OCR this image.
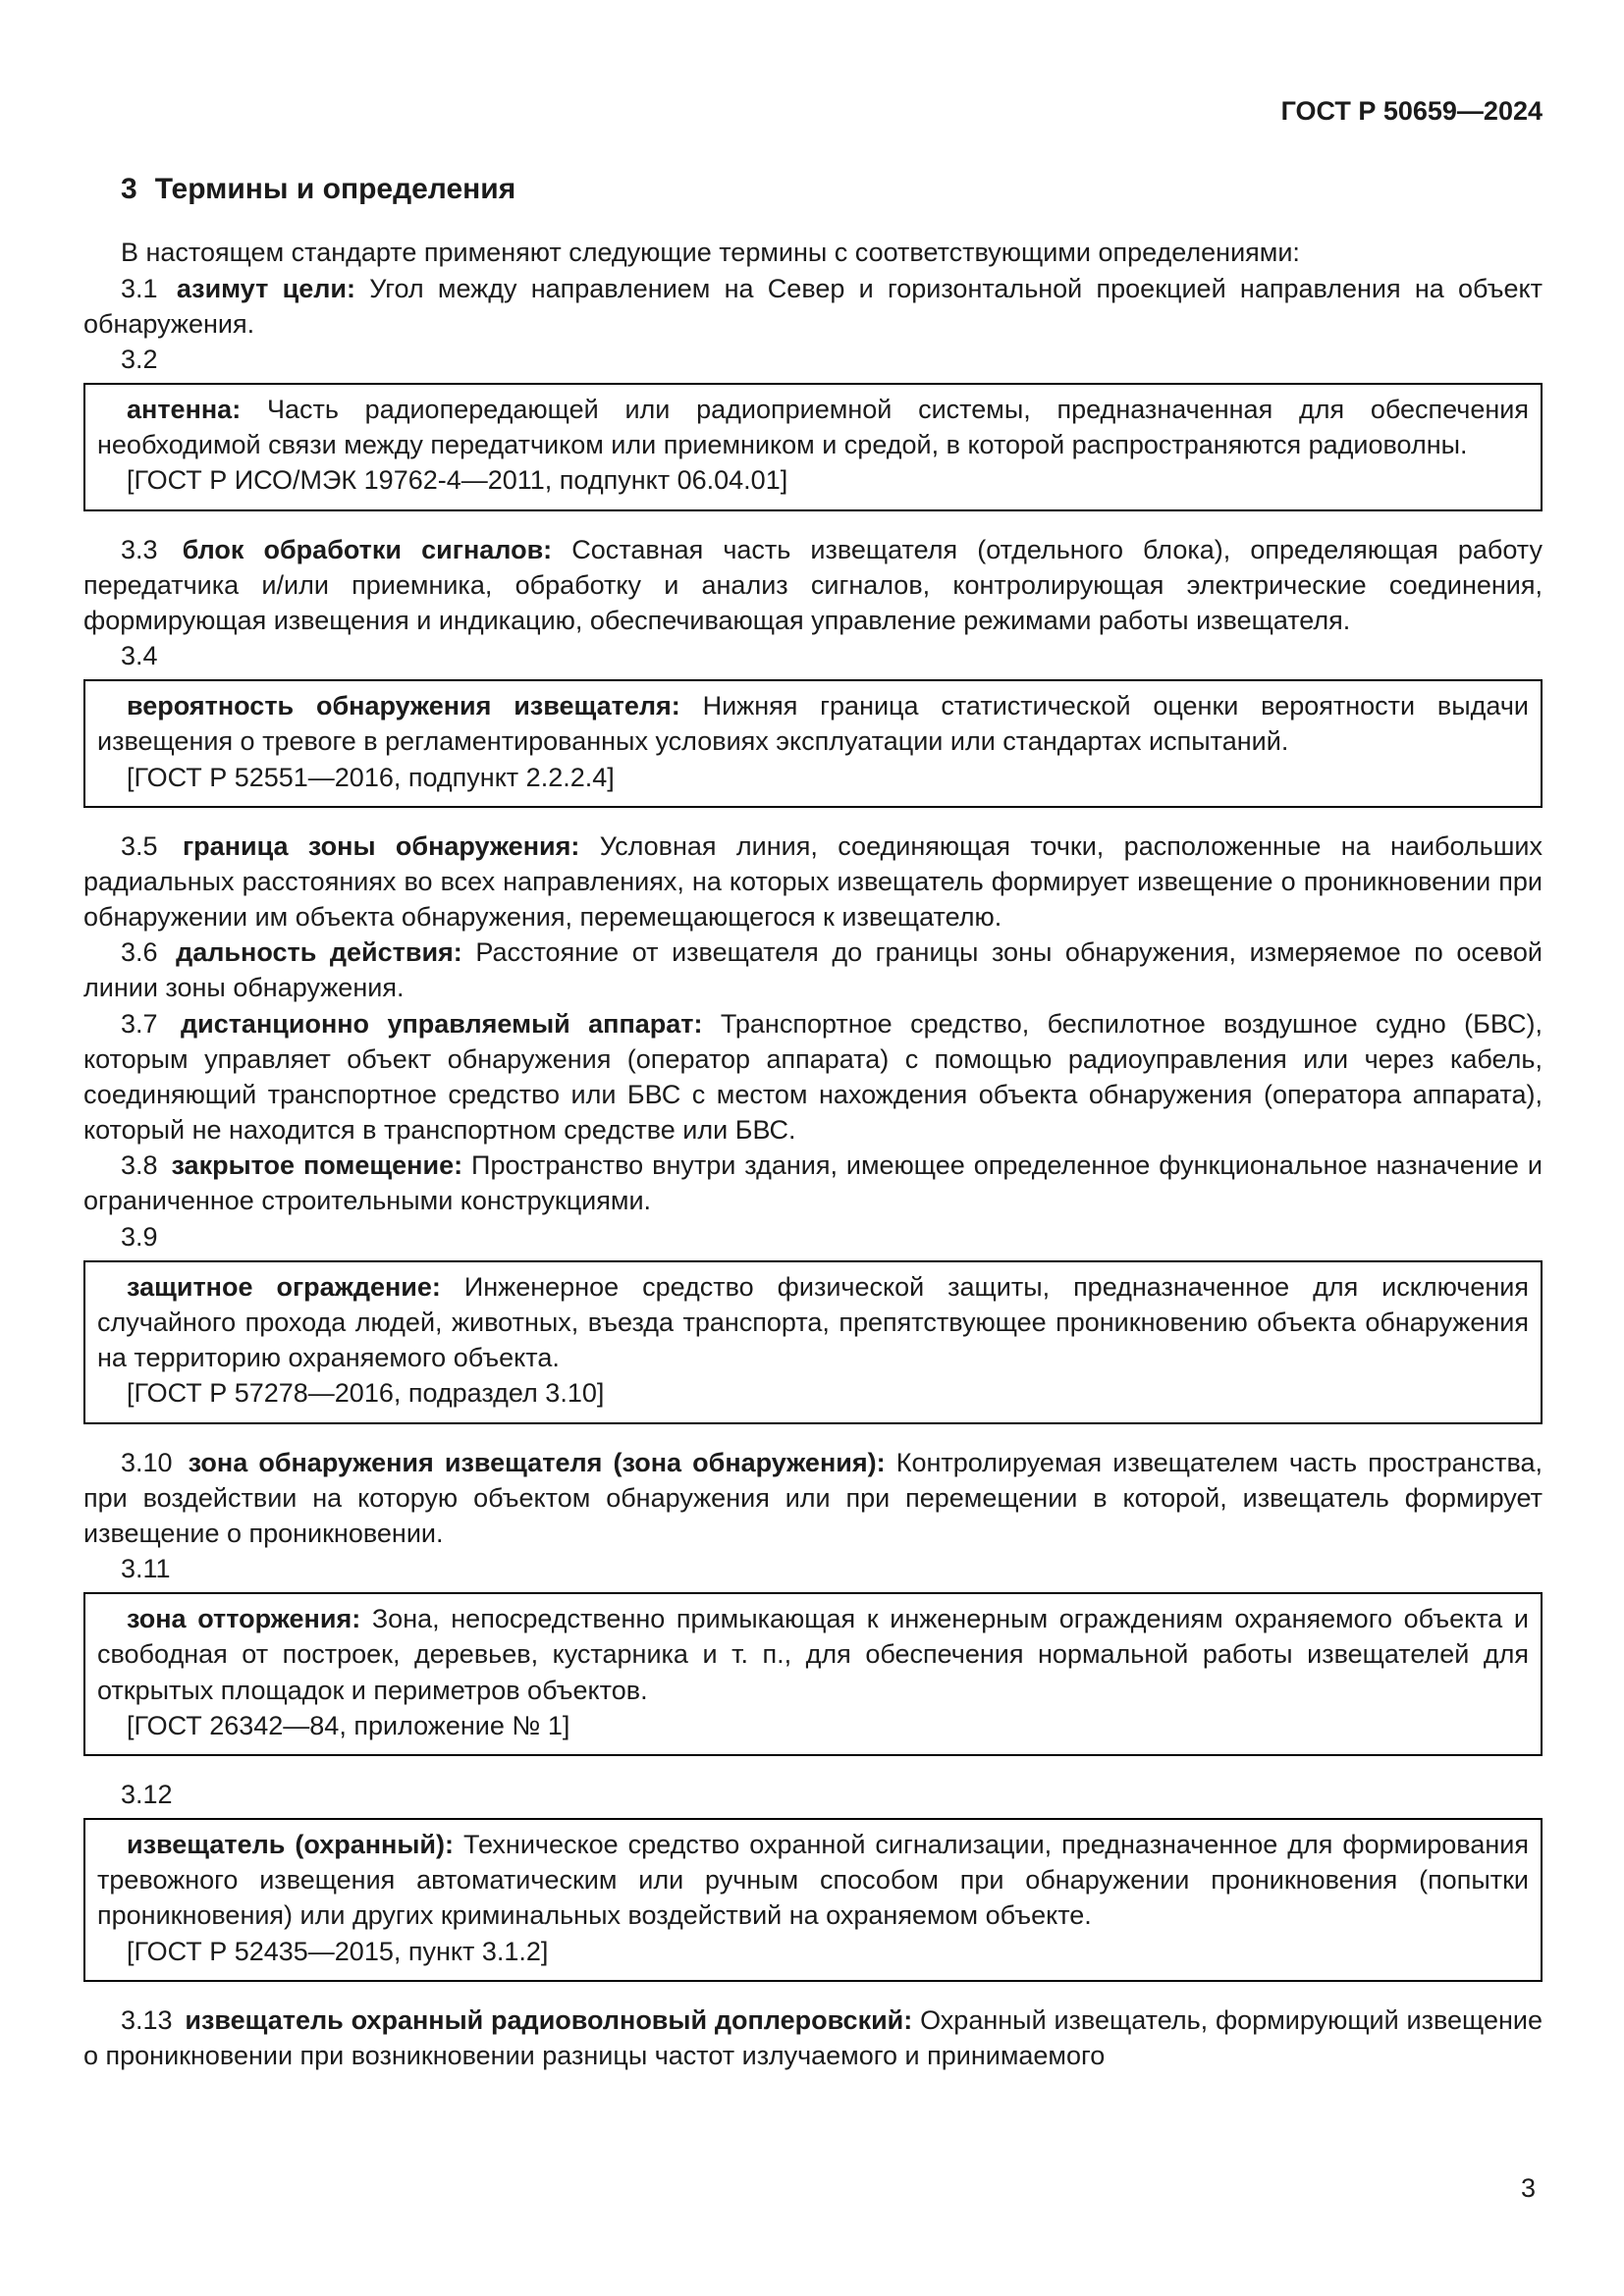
ГОСТ Р 50659—2024
3 Термины и определения

В настоящем стандарте применяют следующие термины с соответствующими определениями:

3.1 азимут цели: Угол между направлением на Север и горизонтальной проекцией направления на объект обнаружения.

3.2

антенна: Часть радиопередающей или радиоприемной системы, предназначенная для обеспечения необходимой связи между передатчиком или приемником и средой, в которой распространяются радиоволны.

[ГОСТ Р ИСО/МЭК 19762-4—2011, подпункт 06.04.01]

3.3 блок обработки сигналов: Составная часть извещателя (отдельного блока), определяющая работу передатчика и/или приемника, обработку и анализ сигналов, контролирующая электрические соединения, формирующая извещения и индикацию, обеспечивающая управление режимами работы извещателя.

3.4

вероятность обнаружения извещателя: Нижняя граница статистической оценки вероятности выдачи извещения о тревоге в регламентированных условиях эксплуатации или стандартах испытаний.

[ГОСТ Р 52551—2016, подпункт 2.2.2.4]

3.5 граница зоны обнаружения: Условная линия, соединяющая точки, расположенные на наибольших радиальных расстояниях во всех направлениях, на которых извещатель формирует извещение о проникновении при обнаружении им объекта обнаружения, перемещающегося к извещателю.

3.6 дальность действия: Расстояние от извещателя до границы зоны обнаружения, измеряемое по осевой линии зоны обнаружения.

3.7 дистанционно управляемый аппарат: Транспортное средство, беспилотное воздушное судно (БВС), которым управляет объект обнаружения (оператор аппарата) с помощью радиоуправления или через кабель, соединяющий транспортное средство или БВС с местом нахождения объекта обнаружения (оператора аппарата), который не находится в транспортном средстве или БВС.

3.8 закрытое помещение: Пространство внутри здания, имеющее определенное функциональное назначение и ограниченное строительными конструкциями.

3.9

защитное ограждение: Инженерное средство физической защиты, предназначенное для исключения случайного прохода людей, животных, въезда транспорта, препятствующее проникновению объекта обнаружения на территорию охраняемого объекта.

[ГОСТ Р 57278—2016, подраздел 3.10]

3.10 зона обнаружения извещателя (зона обнаружения): Контролируемая извещателем часть пространства, при воздействии на которую объектом обнаружения или при перемещении в которой, извещатель формирует извещение о проникновении.

3.11

зона отторжения: Зона, непосредственно примыкающая к инженерным ограждениям охраняемого объекта и свободная от построек, деревьев, кустарника и т. п., для обеспечения нормальной работы извещателей для открытых площадок и периметров объектов.

[ГОСТ 26342—84, приложение № 1]

3.12

извещатель (охранный): Техническое средство охранной сигнализации, предназначенное для формирования тревожного извещения автоматическим или ручным способом при обнаружении проникновения (попытки проникновения) или других криминальных воздействий на охраняемом объекте.

[ГОСТ Р 52435—2015, пункт 3.1.2]

3.13 извещатель охранный радиоволновый доплеровский: Охранный извещатель, формирующий извещение о проникновении при возникновении разницы частот излучаемого и принимаемого

3
